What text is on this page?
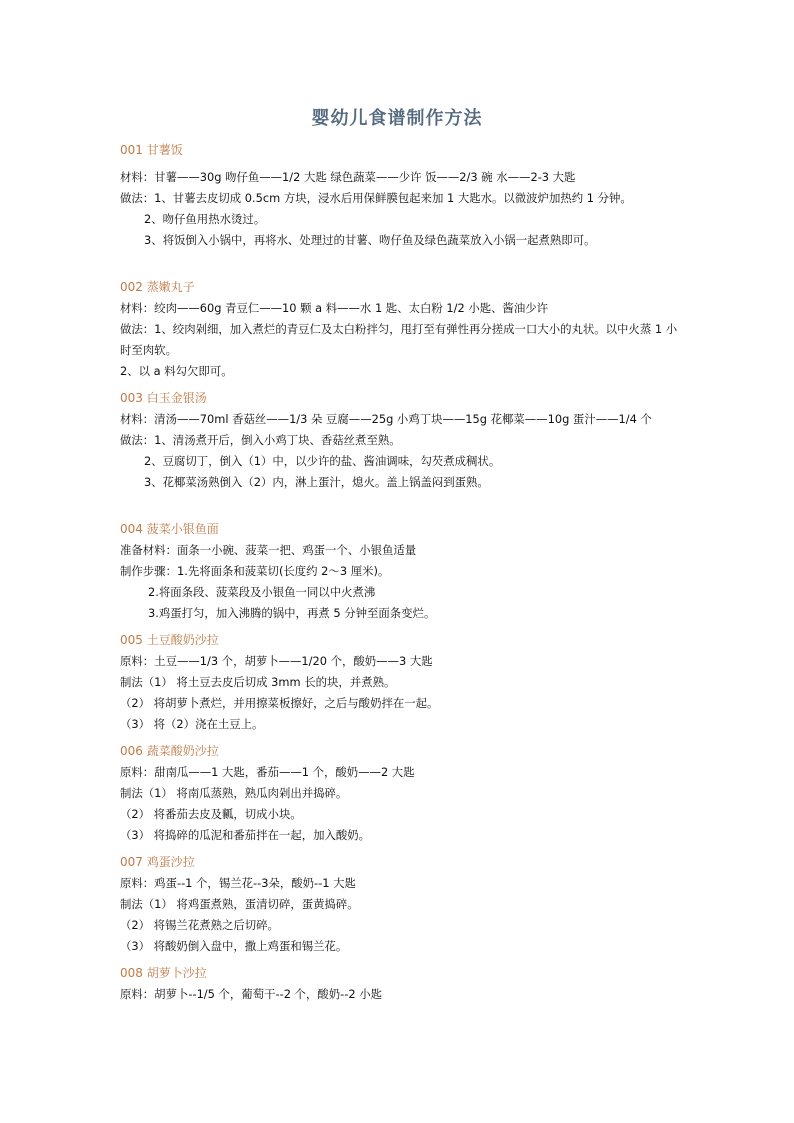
婴幼儿食谱制作方法

001 甘薯饭

材料：甘薯——30g 吻仔鱼——1/2 大匙 绿色蔬菜——少许 饭——2/3 碗 水——2-3 大匙

做法：1、甘薯去皮切成 0.5cm 方块，浸水后用保鲜膜包起来加 1 大匙水。以微波炉加热约 1 分钟。

2、吻仔鱼用热水烫过。

3、将饭倒入小锅中，再将水、处理过的甘薯、吻仔鱼及绿色蔬菜放入小锅一起煮熟即可。

002 蒸嫩丸子

材料：绞肉——60g 青豆仁——10 颗 a 料——水 1 匙、太白粉 1/2 小匙、酱油少许

做法：1、绞肉剁细，加入煮烂的青豆仁及太白粉拌匀，甩打至有弹性再分搓成一口大小的丸状。以中火蒸 1 小时至肉软。

2、以 a 料勾欠即可。

003 白玉金银汤

材料：清汤——70ml 香菇丝——1/3 朵 豆腐——25g 小鸡丁块——15g 花椰菜——10g 蛋汁——1/4 个

做法：1、清汤煮开后，倒入小鸡丁块、香菇丝煮至熟。

2、豆腐切丁，倒入（1）中，以少许的盐、酱油调味，勾芡煮成稠状。

3、花椰菜汤熟倒入（2）内，淋上蛋汁，熄火。盖上锅盖闷到蛋熟。

004 菠菜小银鱼面

准备材料：面条一小碗、菠菜一把、鸡蛋一个、小银鱼适量

制作步骤：1.先将面条和菠菜切(长度约 2～3 厘米)。

2.将面条段、菠菜段及小银鱼一同以中火煮沸

3.鸡蛋打匀，加入沸腾的锅中，再煮 5 分钟至面条变烂。

005 土豆酸奶沙拉

原料：土豆——1/3 个，胡萝卜——1/20 个，酸奶——3 大匙

制法（1） 将土豆去皮后切成 3mm 长的块，并煮熟。

（2） 将胡萝卜煮烂，并用擦菜板擦好，之后与酸奶拌在一起。

（3） 将（2）浇在土豆上。

006 蔬菜酸奶沙拉

原料：甜南瓜——1 大匙，番茄——1 个，酸奶——2 大匙

制法（1） 将南瓜蒸熟，熟瓜肉剁出并捣碎。

（2） 将番茄去皮及瓤，切成小块。

（3） 将捣碎的瓜泥和番茄拌在一起，加入酸奶。

007 鸡蛋沙拉

原料：鸡蛋--1 个，锡兰花--3朵，酸奶--1 大匙

制法（1） 将鸡蛋煮熟，蛋清切碎，蛋黄捣碎。

（2） 将锡兰花煮熟之后切碎。

（3） 将酸奶倒入盘中，撒上鸡蛋和锡兰花。

008 胡萝卜沙拉

原料：胡萝卜--1/5 个，葡萄干--2 个，酸奶--2 小匙
